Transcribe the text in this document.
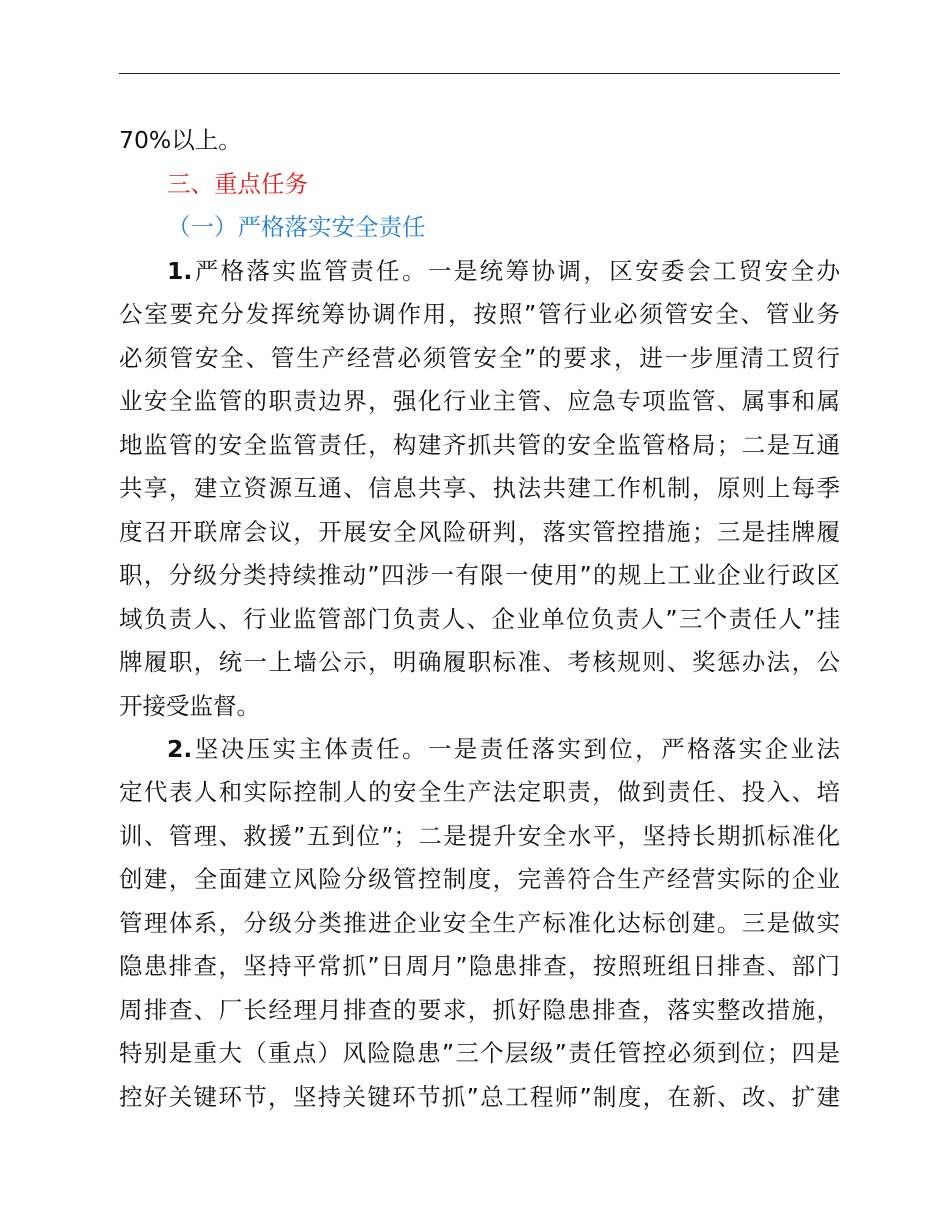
70%以上。

三、重点任务

（一）严格落实安全责任

1.严格落实监管责任。一是统筹协调，区安委会工贸安全办

公室要充分发挥统筹协调作用，按照”管行业必须管安全、管业务

必须管安全、管生产经营必须管安全”的要求，进一步厘清工贸行

业安全监管的职责边界，强化行业主管、应急专项监管、属事和属

地监管的安全监管责任，构建齐抓共管的安全监管格局；二是互通

共享，建立资源互通、信息共享、执法共建工作机制，原则上每季

度召开联席会议，开展安全风险研判，落实管控措施；三是挂牌履

职，分级分类持续推动”四涉一有限一使用”的规上工业企业行政区

域负责人、行业监管部门负责人、企业单位负责人”三个责任人”挂

牌履职，统一上墙公示，明确履职标准、考核规则、奖惩办法，公

开接受监督。

2.坚决压实主体责任。一是责任落实到位，严格落实企业法

定代表人和实际控制人的安全生产法定职责，做到责任、投入、培

训、管理、救援”五到位”；二是提升安全水平，坚持长期抓标准化

创建，全面建立风险分级管控制度，完善符合生产经营实际的企业

管理体系，分级分类推进企业安全生产标准化达标创建。三是做实

隐患排查，坚持平常抓”日周月”隐患排查，按照班组日排查、部门

周排查、厂长经理月排查的要求，抓好隐患排查，落实整改措施，

特别是重大（重点）风险隐患”三个层级”责任管控必须到位；四是

控好关键环节，坚持关键环节抓”总工程师”制度，在新、改、扩建
